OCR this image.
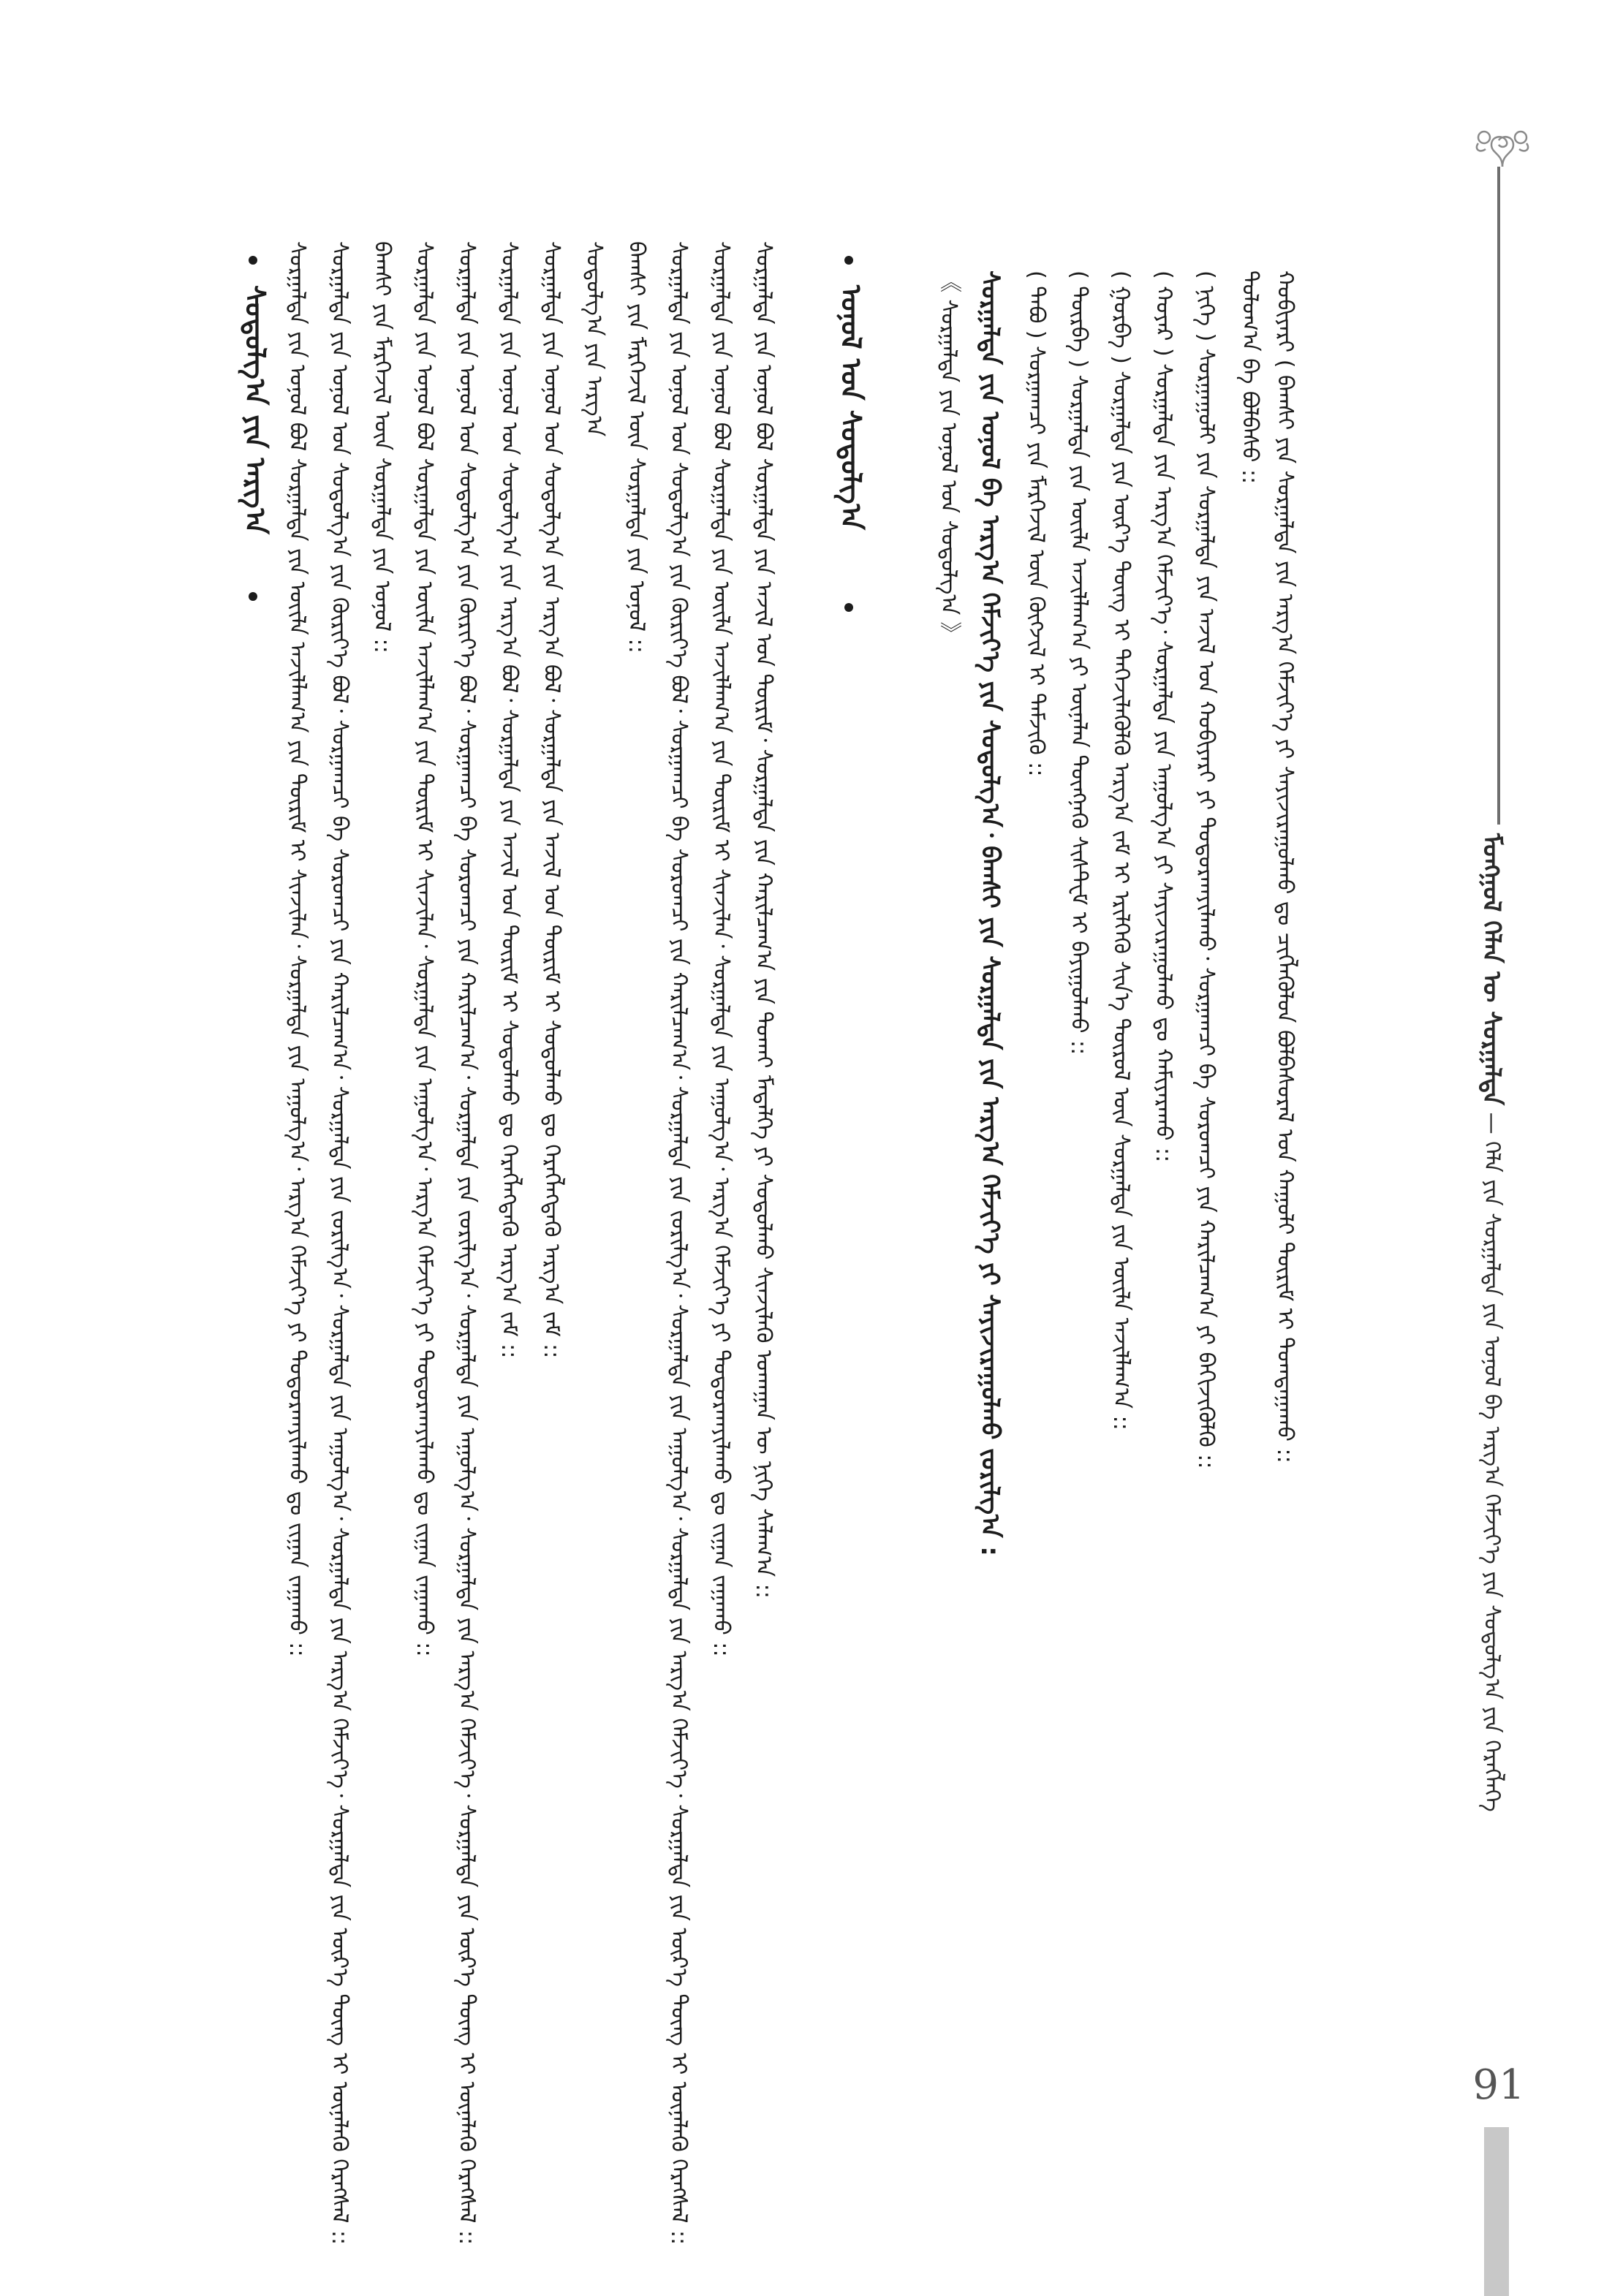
ᠮᠣᠩᠭᠣᠯ ᠬᠡᠯᠡᠨ ᠦ ᠰᠤᠷᠭᠠᠯᠲᠠ — ᠬᠡᠯᠡ ᠶᠢᠨ ᠰᠤᠷᠭᠠᠯᠲᠠ ᠶᠢᠨ ᠣᠨᠣᠯ ᠪᠠ ᠠᠷᠭ᠎ᠠ ᠬᠡᠮᠵᠢᠶ᠎ᠡ ᠶᠢᠨ ᠰᠤᠳᠤᠯᠭ᠎ᠠ ᠶᠢᠨ ᠬᠡᠷᠡᠭᠯᠡᠭᠡ
ᠬᠤᠪᠢᠶᠠᠷᠢ ( ᠪᠠᠭᠰᠢ ᠶᠢᠨ ᠰᠤᠷᠭᠠᠯᠲᠠ ᠶᠢᠨ ᠠᠷᠭ᠎ᠠ ᠬᠡᠮᠵᠢᠶ᠎ᠡ ᠶᠢ ᠰᠠᠶᠢᠵᠢᠷᠠᠭᠤᠯᠬᠤ ᠳᠤ ᠴᠢᠭᠯᠡᠭᠦᠯᠦᠨ ᠪᠣᠯᠪᠠᠰᠤᠷᠠᠯ ᠤᠨ ᠬᠠᠭᠤᠯᠢ ᠳᠦᠷᠢᠮ ᠢ ᠲᠣᠭᠲᠠᠭᠠᠬᠤ ::
ᠳᠣᠯᠣᠭ᠎ᠠ ᠪᠠ ᠪᠣᠯᠪᠠᠰᠤ ::
( ᠨᠢᠭᠡ ) ᠰᠤᠷᠭᠠᠭᠤᠯᠢ ᠶᠢᠨ ᠰᠤᠷᠭᠠᠯᠲᠠ ᠶᠢᠨ ᠠᠵᠢᠯ ᠤᠨ ᠬᠤᠪᠢᠶᠠᠷᠢ ᠶᠢ ᠲᠣᠳᠣᠷᠬᠠᠶᠢᠯᠠᠬᠤ᠂ ᠰᠤᠷᠭᠠᠭᠴᠢ ᠪᠠ ᠰᠤᠷᠤᠭᠴᠢ ᠶᠢᠨ ᠬᠠᠷᠢᠯᠴᠠᠭ᠎ᠠ ᠶᠢ ᠪᠡᠬᠢᠵᠢᠭᠦᠯᠬᠦ ::
( ᠬᠣᠶᠠᠷ ) ᠰᠤᠷᠭᠠᠯᠲᠠ ᠶᠢᠨ ᠠᠷᠭ᠎ᠠ ᠬᠡᠮᠵᠢᠶ᠎ᠡ᠂ ᠰᠤᠷᠭᠠᠯᠲᠠ ᠶᠢᠨ ᠠᠭᠤᠯᠭ᠎ᠠ ᠶᠢ ᠰᠠᠶᠢᠵᠢᠷᠠᠭᠤᠯᠬᠤ ᠳᠤ ᠬᠠᠮᠢᠶᠠᠷᠠᠬᠤ ::
( ᠭᠤᠷᠪᠠ ) ᠰᠤᠷᠭᠠᠯᠲᠠ ᠶᠢᠨ ᠦᠷ᠎ᠡ ᠳᠦᠩ ᠢ ᠳᠡᠭᠡᠵᠢᠯᠡᠭᠦᠯᠬᠦ ᠠᠷᠭ᠎ᠠ ᠵᠠᠮ ᠢ ᠡᠷᠢᠯᠬᠡᠬᠦ ᠰᠢᠨ᠎ᠡ ᠲᠥᠷᠦᠯ ᠦᠨ ᠰᠤᠷᠭᠠᠯᠲᠠ ᠶᠢᠨ ᠦᠢᠯᠡ ᠠᠵᠢᠯᠯᠠᠭ᠎ᠠ ::
( ᠳᠥᠷᠪᠡ ) ᠰᠤᠷᠭᠠᠯᠲᠠ ᠶᠢᠨ ᠦᠢᠯᠡ ᠠᠵᠢᠯᠯᠠᠭ᠎ᠠ ᠶᠢ ᠦᠨᠡᠯᠡᠨ ᠳᠦᠩᠨᠡᠬᠦ ᠰᠢᠰᠲ᠋ᠧᠮ ᠢ ᠪᠠᠶᠢᠭᠤᠯᠬᠤ ::
( ᠲᠠᠪᠤ ) ᠰᠤᠷᠭᠠᠭᠴᠢ ᠶᠢᠨ ᠮᠡᠷᠭᠡᠵᠢᠯ ᠦᠨ ᠬᠥᠭᠵᠢᠯ ᠢ ᠳᠡᠮᠵᠢᠬᠦ ::
ᠰᠤᠷᠭᠠᠯᠲᠠ ᠶᠢᠨ ᠣᠨᠣᠯ ᠪᠠ ᠠᠷᠭ᠎ᠠ ᠬᠡᠮᠵᠢᠶ᠎ᠡ ᠶᠢᠨ ᠰᠤᠳᠤᠯᠭ᠎ᠠ᠂ ᠪᠠᠭᠰᠢ ᠶᠢᠨ ᠰᠤᠷᠭᠠᠯᠲᠠ ᠶᠢᠨ ᠠᠷᠭ᠎ᠠ ᠬᠡᠮᠵᠢᠶ᠎ᠡ ᠶᠢ ᠰᠠᠶᠢᠵᠢᠷᠠᠭᠤᠯᠬᠤ ᠵᠣᠷᠢᠯᠭ᠎ᠠ :
《 ᠰᠤᠷᠭᠠᠯᠲᠠ ᠶᠢᠨ ᠣᠨᠣᠯ ᠤᠨ ᠰᠤᠳᠤᠯᠭ᠎ᠠ 》
ᠣᠨᠣᠯ ᠤᠨ ᠰᠤᠳᠤᠯᠭ᠎ᠠ
ᠰᠤᠷᠭᠠᠯᠲᠠ ᠶᠢᠨ ᠣᠨᠣᠯ ᠪᠣᠯ ᠰᠤᠷᠭᠠᠯᠲᠠ ᠶᠢᠨ ᠠᠵᠢᠯ ᠤᠨ ᠳᠦᠷᠢᠮ᠂ ᠰᠤᠷᠭᠠᠯᠲᠠ ᠶᠢᠨ ᠬᠠᠷᠢᠯᠴᠠᠭ᠎ᠠ ᠶᠢᠨ ᠲᠤᠬᠠᠢ ᠮᠡᠳᠡᠯᠭᠡ ᠶᠢ ᠰᠤᠳᠤᠯᠬᠤ ᠰᠢᠨᠵᠢᠯᠡᠬᠦ ᠤᠬᠠᠭᠠᠨ ᠦ ᠨᠢᠭᠡ ᠰᠠᠯᠠᠭ᠎ᠠ ::
ᠰᠤᠷᠭᠠᠯᠲᠠ ᠶᠢᠨ ᠣᠨᠣᠯ ᠪᠣᠯ ᠰᠤᠷᠭᠠᠯᠲᠠ ᠶᠢᠨ ᠦᠢᠯᠡ ᠠᠵᠢᠯᠯᠠᠭ᠎ᠠ ᠶᠢᠨ ᠳᠦᠷᠢᠮ ᠢ ᠰᠢᠨᠵᠢᠯᠡᠨ᠂ ᠰᠤᠷᠭᠠᠯᠲᠠ ᠶᠢᠨ ᠠᠭᠤᠯᠭ᠎ᠠ᠂ ᠠᠷᠭ᠎ᠠ ᠬᠡᠮᠵᠢᠶ᠎ᠡ ᠶᠢ ᠲᠣᠳᠣᠷᠬᠠᠶᠢᠯᠠᠬᠤ ᠳᠤ ᠵᠢᠭᠠᠨ ᠵᠠᠭᠠᠬᠤ ::
ᠰᠤᠷᠭᠠᠯᠲᠠ ᠶᠢᠨ ᠣᠨᠣᠯ ᠤᠨ ᠰᠤᠳᠤᠯᠭ᠎ᠠ ᠶᠢᠨ ᠬᠦᠷᠢᠶ᠎ᠡ ᠪᠣᠯ᠂ ᠰᠤᠷᠭᠠᠭᠴᠢ ᠪᠠ ᠰᠤᠷᠤᠭᠴᠢ ᠶᠢᠨ ᠬᠠᠷᠢᠯᠴᠠᠭ᠎ᠠ᠂ ᠰᠤᠷᠭᠠᠯᠲᠠ ᠶᠢᠨ ᠵᠣᠷᠢᠯᠭ᠎ᠠ᠂ ᠰᠤᠷᠭᠠᠯᠲᠠ ᠶᠢᠨ ᠠᠭᠤᠯᠭ᠎ᠠ᠂ ᠰᠤᠷᠭᠠᠯᠲᠠ ᠶᠢᠨ ᠠᠷᠭ᠎ᠠ ᠬᠡᠮᠵᠢᠶ᠎ᠡ᠂ ᠰᠤᠷᠭᠠᠯᠲᠠ ᠶᠢᠨ ᠦᠷ᠎ᠡ ᠳᠦᠩ ᠢ ᠦᠨᠡᠯᠡᠬᠦ ᠬᠡᠷᠡᠭᠰᠡᠯ ::
ᠪᠠᠭᠰᠢ ᠶᠢᠨ ᠮᠡᠷᠭᠡᠵᠢᠯ ᠦᠨ ᠰᠤᠷᠭᠠᠯᠲᠠ ᠶᠢᠨ ᠣᠨᠣᠯ ::
ᠰᠤᠳᠤᠯᠭ᠎ᠠ ᠶᠢᠨ ᠠᠷᠭ᠎ᠠ
ᠰᠤᠷᠭᠠᠯᠲᠠ ᠶᠢᠨ ᠣᠨᠣᠯ ᠤᠨ ᠰᠤᠳᠤᠯᠭ᠎ᠠ ᠶᠢᠨ ᠠᠷᠭ᠎ᠠ ᠪᠣᠯ᠂ ᠰᠤᠷᠭᠠᠯᠲᠠ ᠶᠢᠨ ᠠᠵᠢᠯ ᠤᠨ ᠳᠦᠷᠢᠮ ᠢ ᠰᠤᠳᠤᠯᠬᠤ ᠳᠤ ᠬᠡᠷᠡᠭᠯᠡᠭᠳᠡᠬᠦ ᠠᠷᠭ᠎ᠠ ᠵᠠᠮ ::
ᠰᠤᠷᠭᠠᠯᠲᠠ ᠶᠢᠨ ᠣᠨᠣᠯ ᠤᠨ ᠰᠤᠳᠤᠯᠭ᠎ᠠ ᠶᠢᠨ ᠠᠷᠭ᠎ᠠ ᠪᠣᠯ᠂ ᠰᠤᠷᠭᠠᠯᠲᠠ ᠶᠢᠨ ᠠᠵᠢᠯ ᠤᠨ ᠳᠦᠷᠢᠮ ᠢ ᠰᠤᠳᠤᠯᠬᠤ ᠳᠤ ᠬᠡᠷᠡᠭᠯᠡᠭᠳᠡᠬᠦ ᠠᠷᠭ᠎ᠠ ᠵᠠᠮ ::
ᠰᠤᠷᠭᠠᠯᠲᠠ ᠶᠢᠨ ᠣᠨᠣᠯ ᠤᠨ ᠰᠤᠳᠤᠯᠭ᠎ᠠ ᠶᠢᠨ ᠬᠦᠷᠢᠶ᠎ᠡ ᠪᠣᠯ᠂ ᠰᠤᠷᠭᠠᠭᠴᠢ ᠪᠠ ᠰᠤᠷᠤᠭᠴᠢ ᠶᠢᠨ ᠬᠠᠷᠢᠯᠴᠠᠭ᠎ᠠ᠂ ᠰᠤᠷᠭᠠᠯᠲᠠ ᠶᠢᠨ ᠵᠣᠷᠢᠯᠭ᠎ᠠ᠂ ᠰᠤᠷᠭᠠᠯᠲᠠ ᠶᠢᠨ ᠠᠭᠤᠯᠭ᠎ᠠ᠂ ᠰᠤᠷᠭᠠᠯᠲᠠ ᠶᠢᠨ ᠠᠷᠭ᠎ᠠ ᠬᠡᠮᠵᠢᠶ᠎ᠡ᠂ ᠰᠤᠷᠭᠠᠯᠲᠠ ᠶᠢᠨ ᠦᠷ᠎ᠡ ᠳᠦᠩ ᠢ ᠦᠨᠡᠯᠡᠬᠦ ᠬᠡᠷᠡᠭᠰᠡᠯ ::
ᠰᠤᠷᠭᠠᠯᠲᠠ ᠶᠢᠨ ᠣᠨᠣᠯ ᠪᠣᠯ ᠰᠤᠷᠭᠠᠯᠲᠠ ᠶᠢᠨ ᠦᠢᠯᠡ ᠠᠵᠢᠯᠯᠠᠭ᠎ᠠ ᠶᠢᠨ ᠳᠦᠷᠢᠮ ᠢ ᠰᠢᠨᠵᠢᠯᠡᠨ᠂ ᠰᠤᠷᠭᠠᠯᠲᠠ ᠶᠢᠨ ᠠᠭᠤᠯᠭ᠎ᠠ᠂ ᠠᠷᠭ᠎ᠠ ᠬᠡᠮᠵᠢᠶ᠎ᠡ ᠶᠢ ᠲᠣᠳᠣᠷᠬᠠᠶᠢᠯᠠᠬᠤ ᠳᠤ ᠵᠢᠭᠠᠨ ᠵᠠᠭᠠᠬᠤ ::
ᠪᠠᠭᠰᠢ ᠶᠢᠨ ᠮᠡᠷᠭᠡᠵᠢᠯ ᠦᠨ ᠰᠤᠷᠭᠠᠯᠲᠠ ᠶᠢᠨ ᠣᠨᠣᠯ ::
ᠰᠤᠷᠭᠠᠯᠲᠠ ᠶᠢᠨ ᠣᠨᠣᠯ ᠤᠨ ᠰᠤᠳᠤᠯᠭ᠎ᠠ ᠶᠢᠨ ᠬᠦᠷᠢᠶ᠎ᠡ ᠪᠣᠯ᠂ ᠰᠤᠷᠭᠠᠭᠴᠢ ᠪᠠ ᠰᠤᠷᠤᠭᠴᠢ ᠶᠢᠨ ᠬᠠᠷᠢᠯᠴᠠᠭ᠎ᠠ᠂ ᠰᠤᠷᠭᠠᠯᠲᠠ ᠶᠢᠨ ᠵᠣᠷᠢᠯᠭ᠎ᠠ᠂ ᠰᠤᠷᠭᠠᠯᠲᠠ ᠶᠢᠨ ᠠᠭᠤᠯᠭ᠎ᠠ᠂ ᠰᠤᠷᠭᠠᠯᠲᠠ ᠶᠢᠨ ᠠᠷᠭ᠎ᠠ ᠬᠡᠮᠵᠢᠶ᠎ᠡ᠂ ᠰᠤᠷᠭᠠᠯᠲᠠ ᠶᠢᠨ ᠦᠷ᠎ᠡ ᠳᠦᠩ ᠢ ᠦᠨᠡᠯᠡᠬᠦ ᠬᠡᠷᠡᠭᠰᠡᠯ ::
ᠰᠤᠷᠭᠠᠯᠲᠠ ᠶᠢᠨ ᠣᠨᠣᠯ ᠪᠣᠯ ᠰᠤᠷᠭᠠᠯᠲᠠ ᠶᠢᠨ ᠦᠢᠯᠡ ᠠᠵᠢᠯᠯᠠᠭ᠎ᠠ ᠶᠢᠨ ᠳᠦᠷᠢᠮ ᠢ ᠰᠢᠨᠵᠢᠯᠡᠨ᠂ ᠰᠤᠷᠭᠠᠯᠲᠠ ᠶᠢᠨ ᠠᠭᠤᠯᠭ᠎ᠠ᠂ ᠠᠷᠭ᠎ᠠ ᠬᠡᠮᠵᠢᠶ᠎ᠡ ᠶᠢ ᠲᠣᠳᠣᠷᠬᠠᠶᠢᠯᠠᠬᠤ ᠳᠤ ᠵᠢᠭᠠᠨ ᠵᠠᠭᠠᠬᠤ ::
ᠰᠤᠳᠤᠯᠭ᠎ᠠ ᠶᠢᠨ ᠠᠷᠭ᠎ᠠ
91
